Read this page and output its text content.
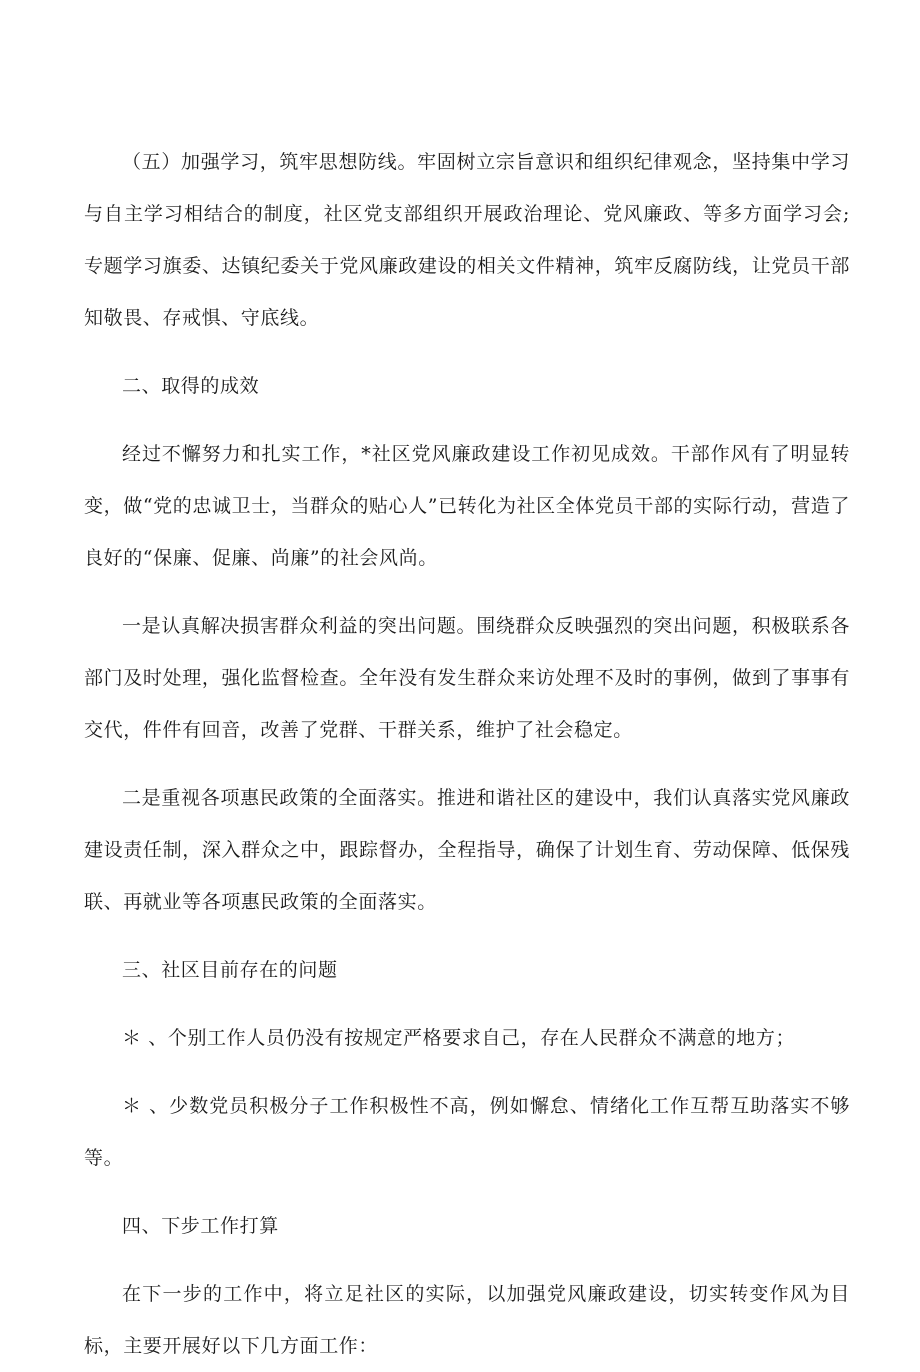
（五）加强学习，筑牢思想防线。牢固树立宗旨意识和组织纪律观念，坚持集中学习与自主学习相结合的制度，社区党支部组织开展政治理论、党风廉政、等多方面学习会;专题学习旗委、达镇纪委关于党风廉政建设的相关文件精神，筑牢反腐防线，让党员干部知敬畏、存戒惧、守底线。

二、取得的成效

经过不懈努力和扎实工作，*社区党风廉政建设工作初见成效。干部作风有了明显转变，做“党的忠诚卫士，当群众的贴心人”已转化为社区全体党员干部的实际行动，营造了良好的“保廉、促廉、尚廉”的社会风尚。

一是认真解决损害群众利益的突出问题。围绕群众反映强烈的突出问题，积极联系各部门及时处理，强化监督检查。全年没有发生群众来访处理不及时的事例，做到了事事有交代，件件有回音，改善了党群、干群关系，维护了社会稳定。

二是重视各项惠民政策的全面落实。推进和谐社区的建设中，我们认真落实党风廉政建设责任制，深入群众之中，跟踪督办，全程指导，确保了计划生育、劳动保障、低保残联、再就业等各项惠民政策的全面落实。

三、社区目前存在的问题

＊ 、个别工作人员仍没有按规定严格要求自己，存在人民群众不满意的地方；

＊ 、少数党员积极分子工作积极性不高，例如懈怠、情绪化工作互帮互助落实不够等。

四、下步工作打算

在下一步的工作中，将立足社区的实际，以加强党风廉政建设，切实转变作风为目标，主要开展好以下几方面工作：
